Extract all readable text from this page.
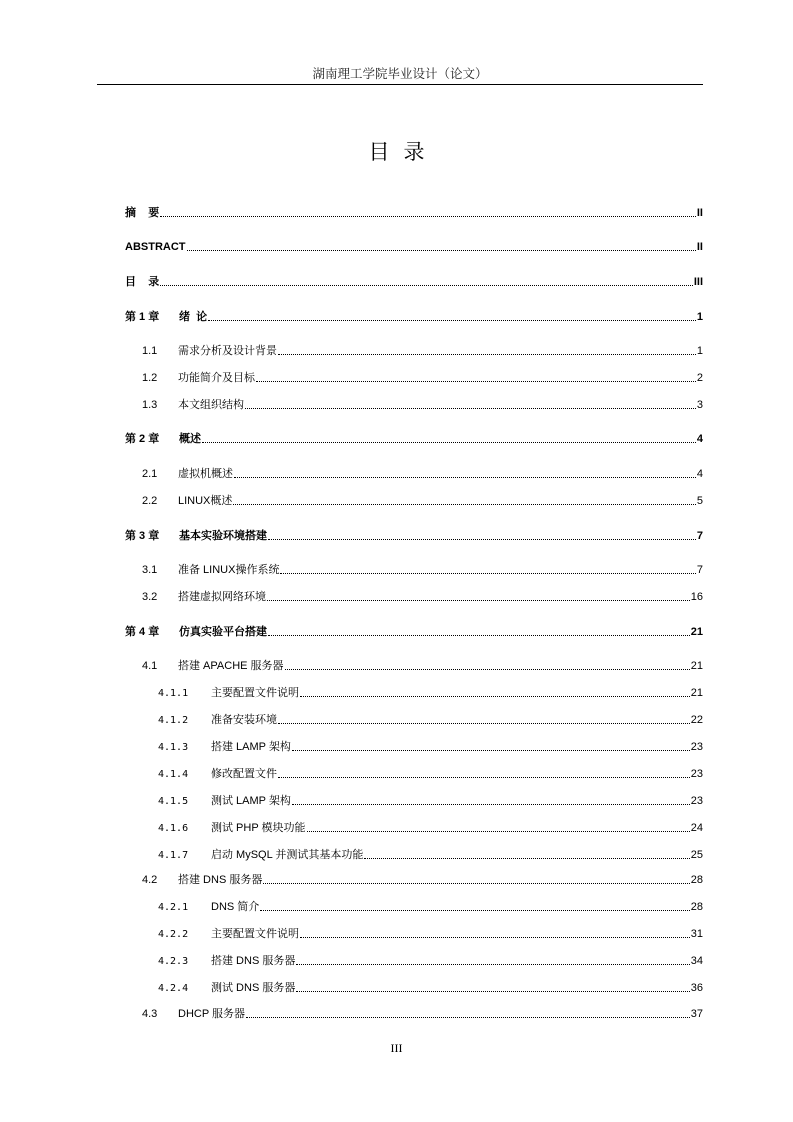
湖南理工学院毕业设计（论文）
目录
摘    要	II
ABSTRACT	II
目    录	III
第 1 章	绪  论	1
1.1	需求分析及设计背景	1
1.2	功能简介及目标	2
1.3	本文组织结构	3
第 2 章	概述	4
2.1	虚拟机概述	4
2.2	LINUX概述	5
第 3 章	基本实验环境搭建	7
3.1	准备 LINUX操作系统	7
3.2	搭建虚拟网络环境	16
第 4 章	仿真实验平台搭建	21
4.1	搭建 APACHE 服务器	21
4.1.1	主要配置文件说明	21
4.1.2	准备安装环境	22
4.1.3	搭建 LAMP 架构	23
4.1.4	修改配置文件	23
4.1.5	测试 LAMP 架构	23
4.1.6	测试 PHP 模块功能	24
4.1.7	启动 MySQL 并测试其基本功能	25
4.2	搭建 DNS 服务器	28
4.2.1	DNS 简介	28
4.2.2	主要配置文件说明	31
4.2.3	搭建 DNS 服务器	34
4.2.4	测试 DNS 服务器	36
4.3	DHCP 服务器	37
III
